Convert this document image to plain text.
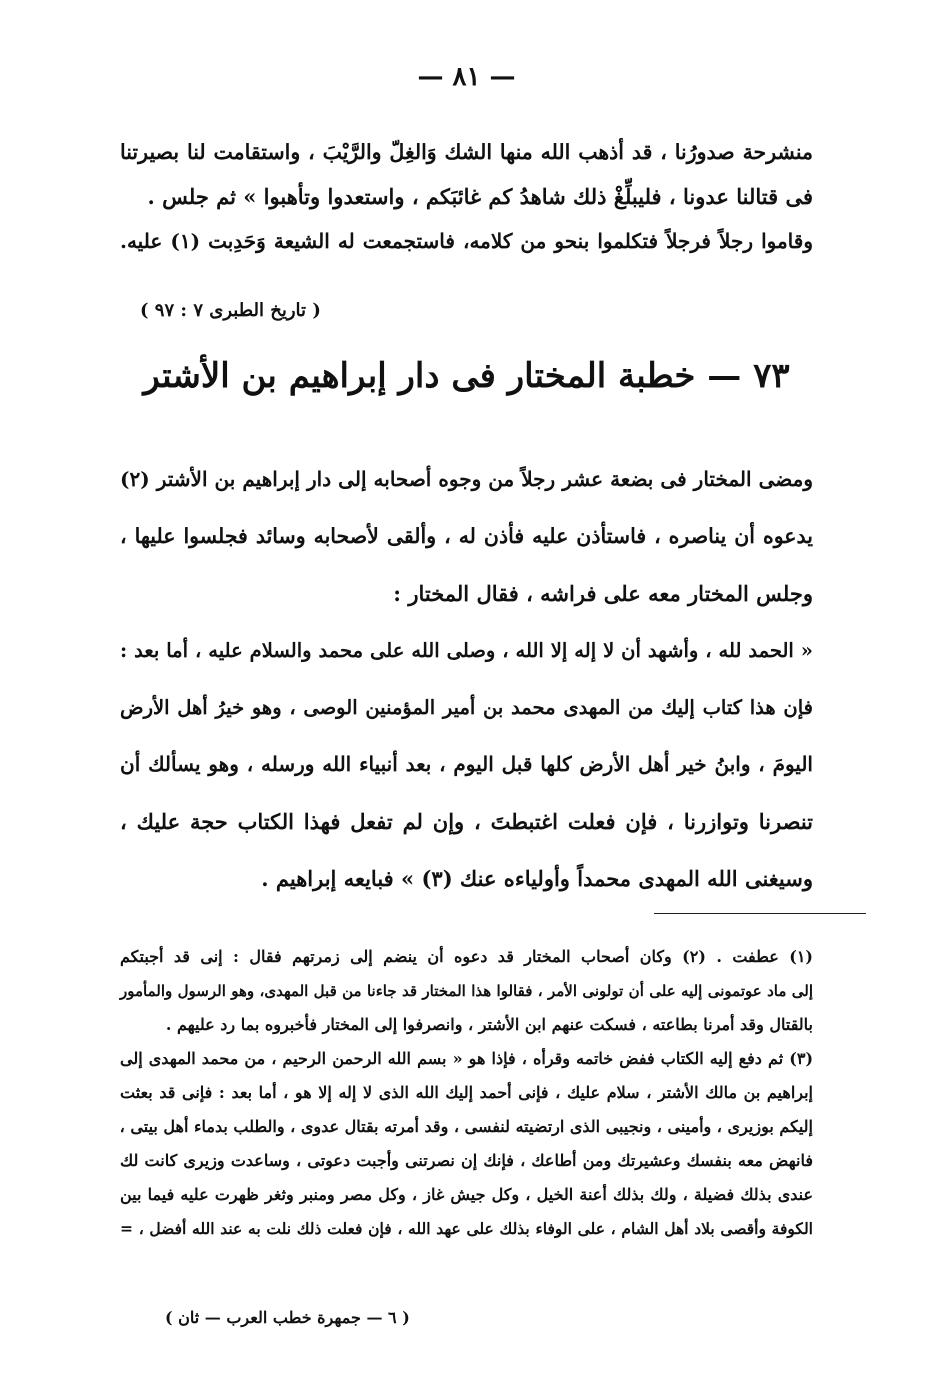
— ٨١ —
منشرحة صدورُنا ، قد أذهب الله منها الشك وَالغِلّ والرَّيْبَ ، واستقامت لنا بصيرتنا
فى قتالنا عدونا ، فليبلِّغْ ذلك شاهدُ كم غائبَكم ، واستعدوا وتأهبوا » ثم جلس .
وقاموا رجلاً فرجلاً فتكلموا بنحو من كلامه، فاستجمعت له الشيعة وَحَدِبت (١) عليه.
( تاريخ الطبرى ٧ : ٩٧ )
٧٣ — خطبة المختار فى دار إبراهيم بن الأشتر
ومضى المختار فى بضعة عشر رجلاً من وجوه أصحابه إلى دار إبراهيم بن الأشتر (٢)
يدعوه أن يناصره ، فاستأذن عليه فأذن له ، وألقى لأصحابه وسائد فجلسوا عليها ،
وجلس المختار معه على فراشه ، فقال المختار :
« الحمد لله ، وأشهد أن لا إله إلا الله ، وصلى الله على محمد والسلام عليه ، أما بعد :
فإن هذا كتاب إليك من المهدى محمد بن أمير المؤمنين الوصى ، وهو خيرُ أهل الأرض
اليومَ ، وابنُ خير أهل الأرض كلها قبل اليوم ، بعد أنبياء الله ورسله ، وهو يسألك أن
تنصرنا وتوازرنا ، فإن فعلت اغتبطتَ ، وإن لم تفعل فهذا الكتاب حجة عليك ،
وسيغنى الله المهدى محمداً وأولياءه عنك (٣) » فبايعه إبراهيم .
(١) عطفت . (٢) وكان أصحاب المختار قد دعوه أن ينضم إلى زمرتهم فقال : إنى قد أجبتكم
إلى ماد عوتمونى إليه على أن تولونى الأمر ، فقالوا هذا المختار قد جاءنا من قبل المهدى، وهو الرسول والمأمور
بالقتال وقد أمرنا بطاعته ، فسكت عنهم ابن الأشتر ، وانصرفوا إلى المختار فأخبروه بما رد عليهم .
(٣) ثم دفع إليه الكتاب ففض خاتمه وقرأه ، فإذا هو « بسم الله الرحمن الرحيم ، من محمد المهدى إلى
إبراهيم بن مالك الأشتر ، سلام عليك ، فإنى أحمد إليك الله الذى لا إله إلا هو ، أما بعد : فإنى قد بعثت
إليكم بوزيرى ، وأمينى ، ونجيبى الذى ارتضيته لنفسى ، وقد أمرته بقتال عدوى ، والطلب بدماء أهل بيتى ،
فانهض معه بنفسك وعشيرتك ومن أطاعك ، فإنك إن نصرتنى وأجبت دعوتى ، وساعدت وزيرى كانت لك
عندى بذلك فضيلة ، ولك بذلك أعنة الخيل ، وكل جيش غاز ، وكل مصر ومنبر وثغر ظهرت عليه فيما بين
الكوفة وأقصى بلاد أهل الشام ، على الوفاء بذلك على عهد الله ، فإن فعلت ذلك نلت به عند الله أفضل ، =
( ٦ — جمهرة خطب العرب — ثان )
